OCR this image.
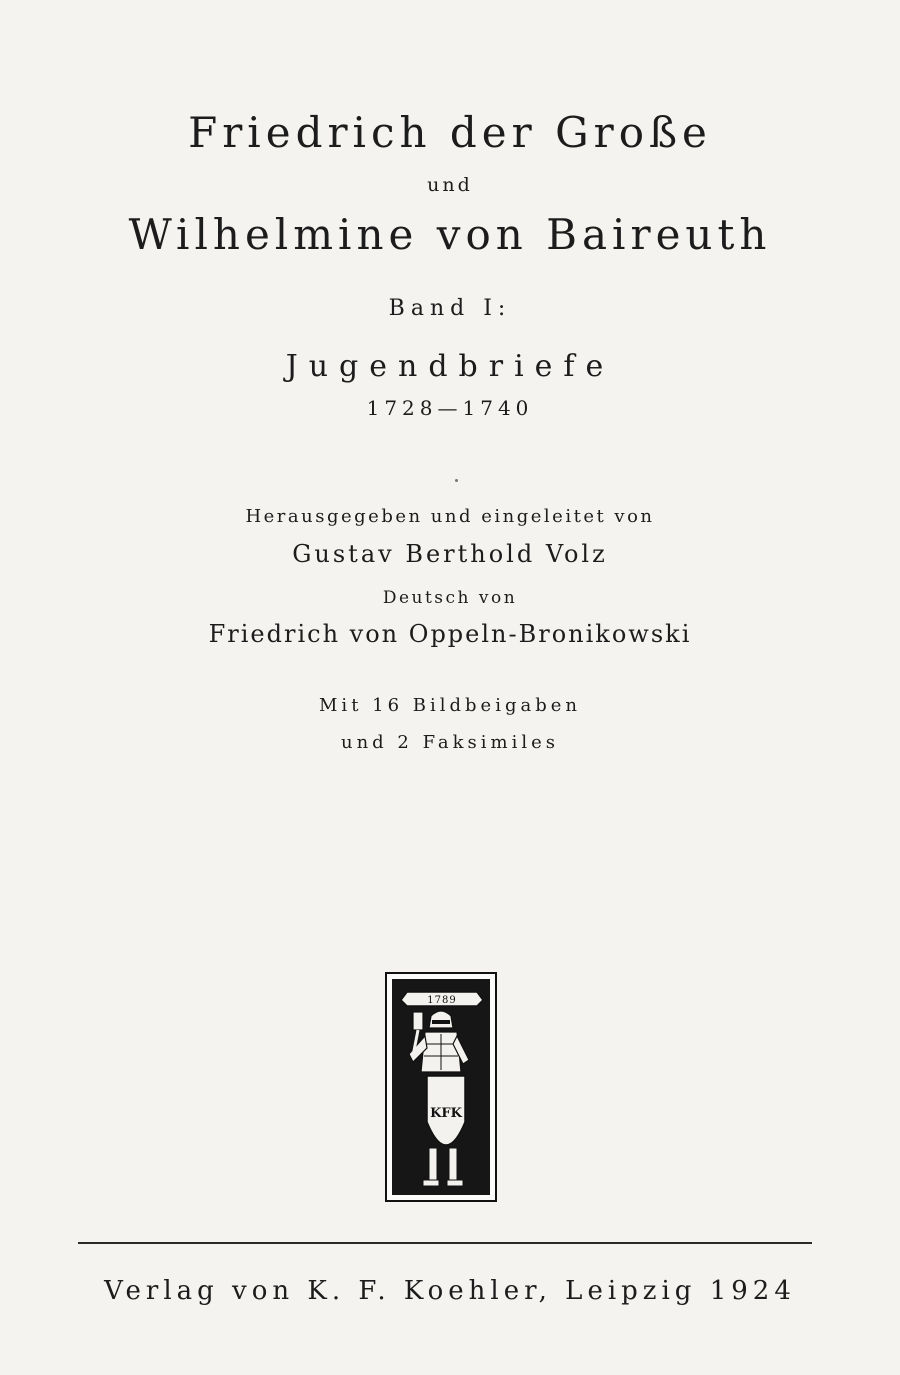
Friedrich der Große
und
Wilhelmine von Baireuth
Band I:
Jugendbriefe
1728—1740
Herausgegeben und eingeleitet von
Gustav Berthold Volz
Deutsch von
Friedrich von Oppeln-Bronikowski
Mit 16 Bildbeigaben
und 2 Faksimiles
1789
KFK
Verlag von K. F. Koehler, Leipzig 1924
